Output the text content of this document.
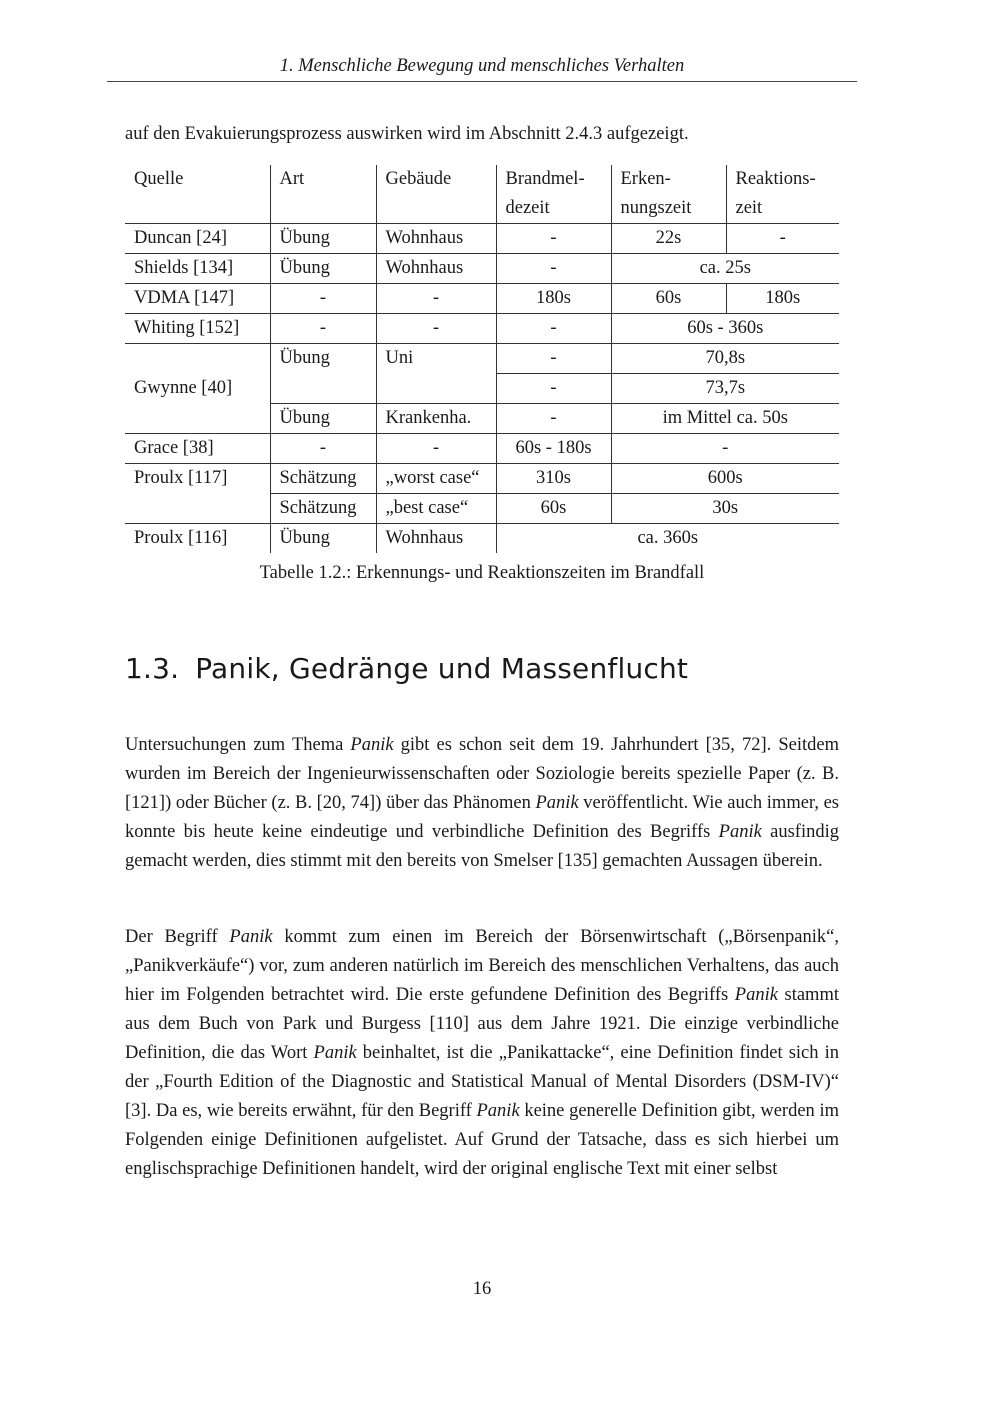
1. Menschliche Bewegung und menschliches Verhalten

auf den Evakuierungsprozess auswirken wird im Abschnitt 2.4.3 aufgezeigt.

Quelle	Art	Gebäude	Brandmel-	Erken-	Reaktions-
			dezeit	nungszeit	zeit
Duncan [24]	Übung	Wohnhaus	-	22s	-
Shields [134]	Übung	Wohnhaus	-	ca. 25s	
VDMA [147]	-	-	180s	60s	180s
Whiting [152]	-	-	-	60s - 360s	
Gwynne [40]	Übung	Uni	-	70,8s	
			-	73,7s	
	Übung	Krankenha.	-	im Mittel ca. 50s	
Grace [38]	-	-	60s - 180s	-	
Proulx [117]	Schätzung	„worst case“	310s	600s	
	Schätzung	„best case“	60s	30s	
Proulx [116]	Übung	Wohnhaus	ca. 360s		
Tabelle 1.2.: Erkennungs- und Reaktionszeiten im Brandfall
1.3. Panik, Gedränge und Massenflucht

Untersuchungen zum Thema Panik gibt es schon seit dem 19. Jahrhundert [35, 72]. Seitdem wurden im Bereich der Ingenieurwissenschaften oder Soziologie bereits spezielle Paper (z. B. [121]) oder Bücher (z. B. [20, 74]) über das Phänomen Panik veröffentlicht. Wie auch immer, es konnte bis heute keine eindeutige und verbindliche Definition des Begriffs Panik ausfindig gemacht werden, dies stimmt mit den bereits von Smelser [135] gemachten Aussagen überein.

Der Begriff Panik kommt zum einen im Bereich der Börsenwirtschaft („Börsenpanik“, „Panikverkäufe“) vor, zum anderen natürlich im Bereich des menschlichen Verhaltens, das auch hier im Folgenden betrachtet wird. Die erste gefundene Definition des Begriffs Panik stammt aus dem Buch von Park und Burgess [110] aus dem Jahre 1921. Die einzige verbindliche Definition, die das Wort Panik beinhaltet, ist die „Panikattacke“, eine Definition findet sich in der „Fourth Edition of the Diagnostic and Statistical Manual of Mental Disorders (DSM-IV)“ [3]. Da es, wie bereits erwähnt, für den Begriff Panik keine generelle Definition gibt, werden im Folgenden einige Definitionen aufgelistet. Auf Grund der Tatsache, dass es sich hierbei um englischsprachige Definitionen handelt, wird der original englische Text mit einer selbst

16
